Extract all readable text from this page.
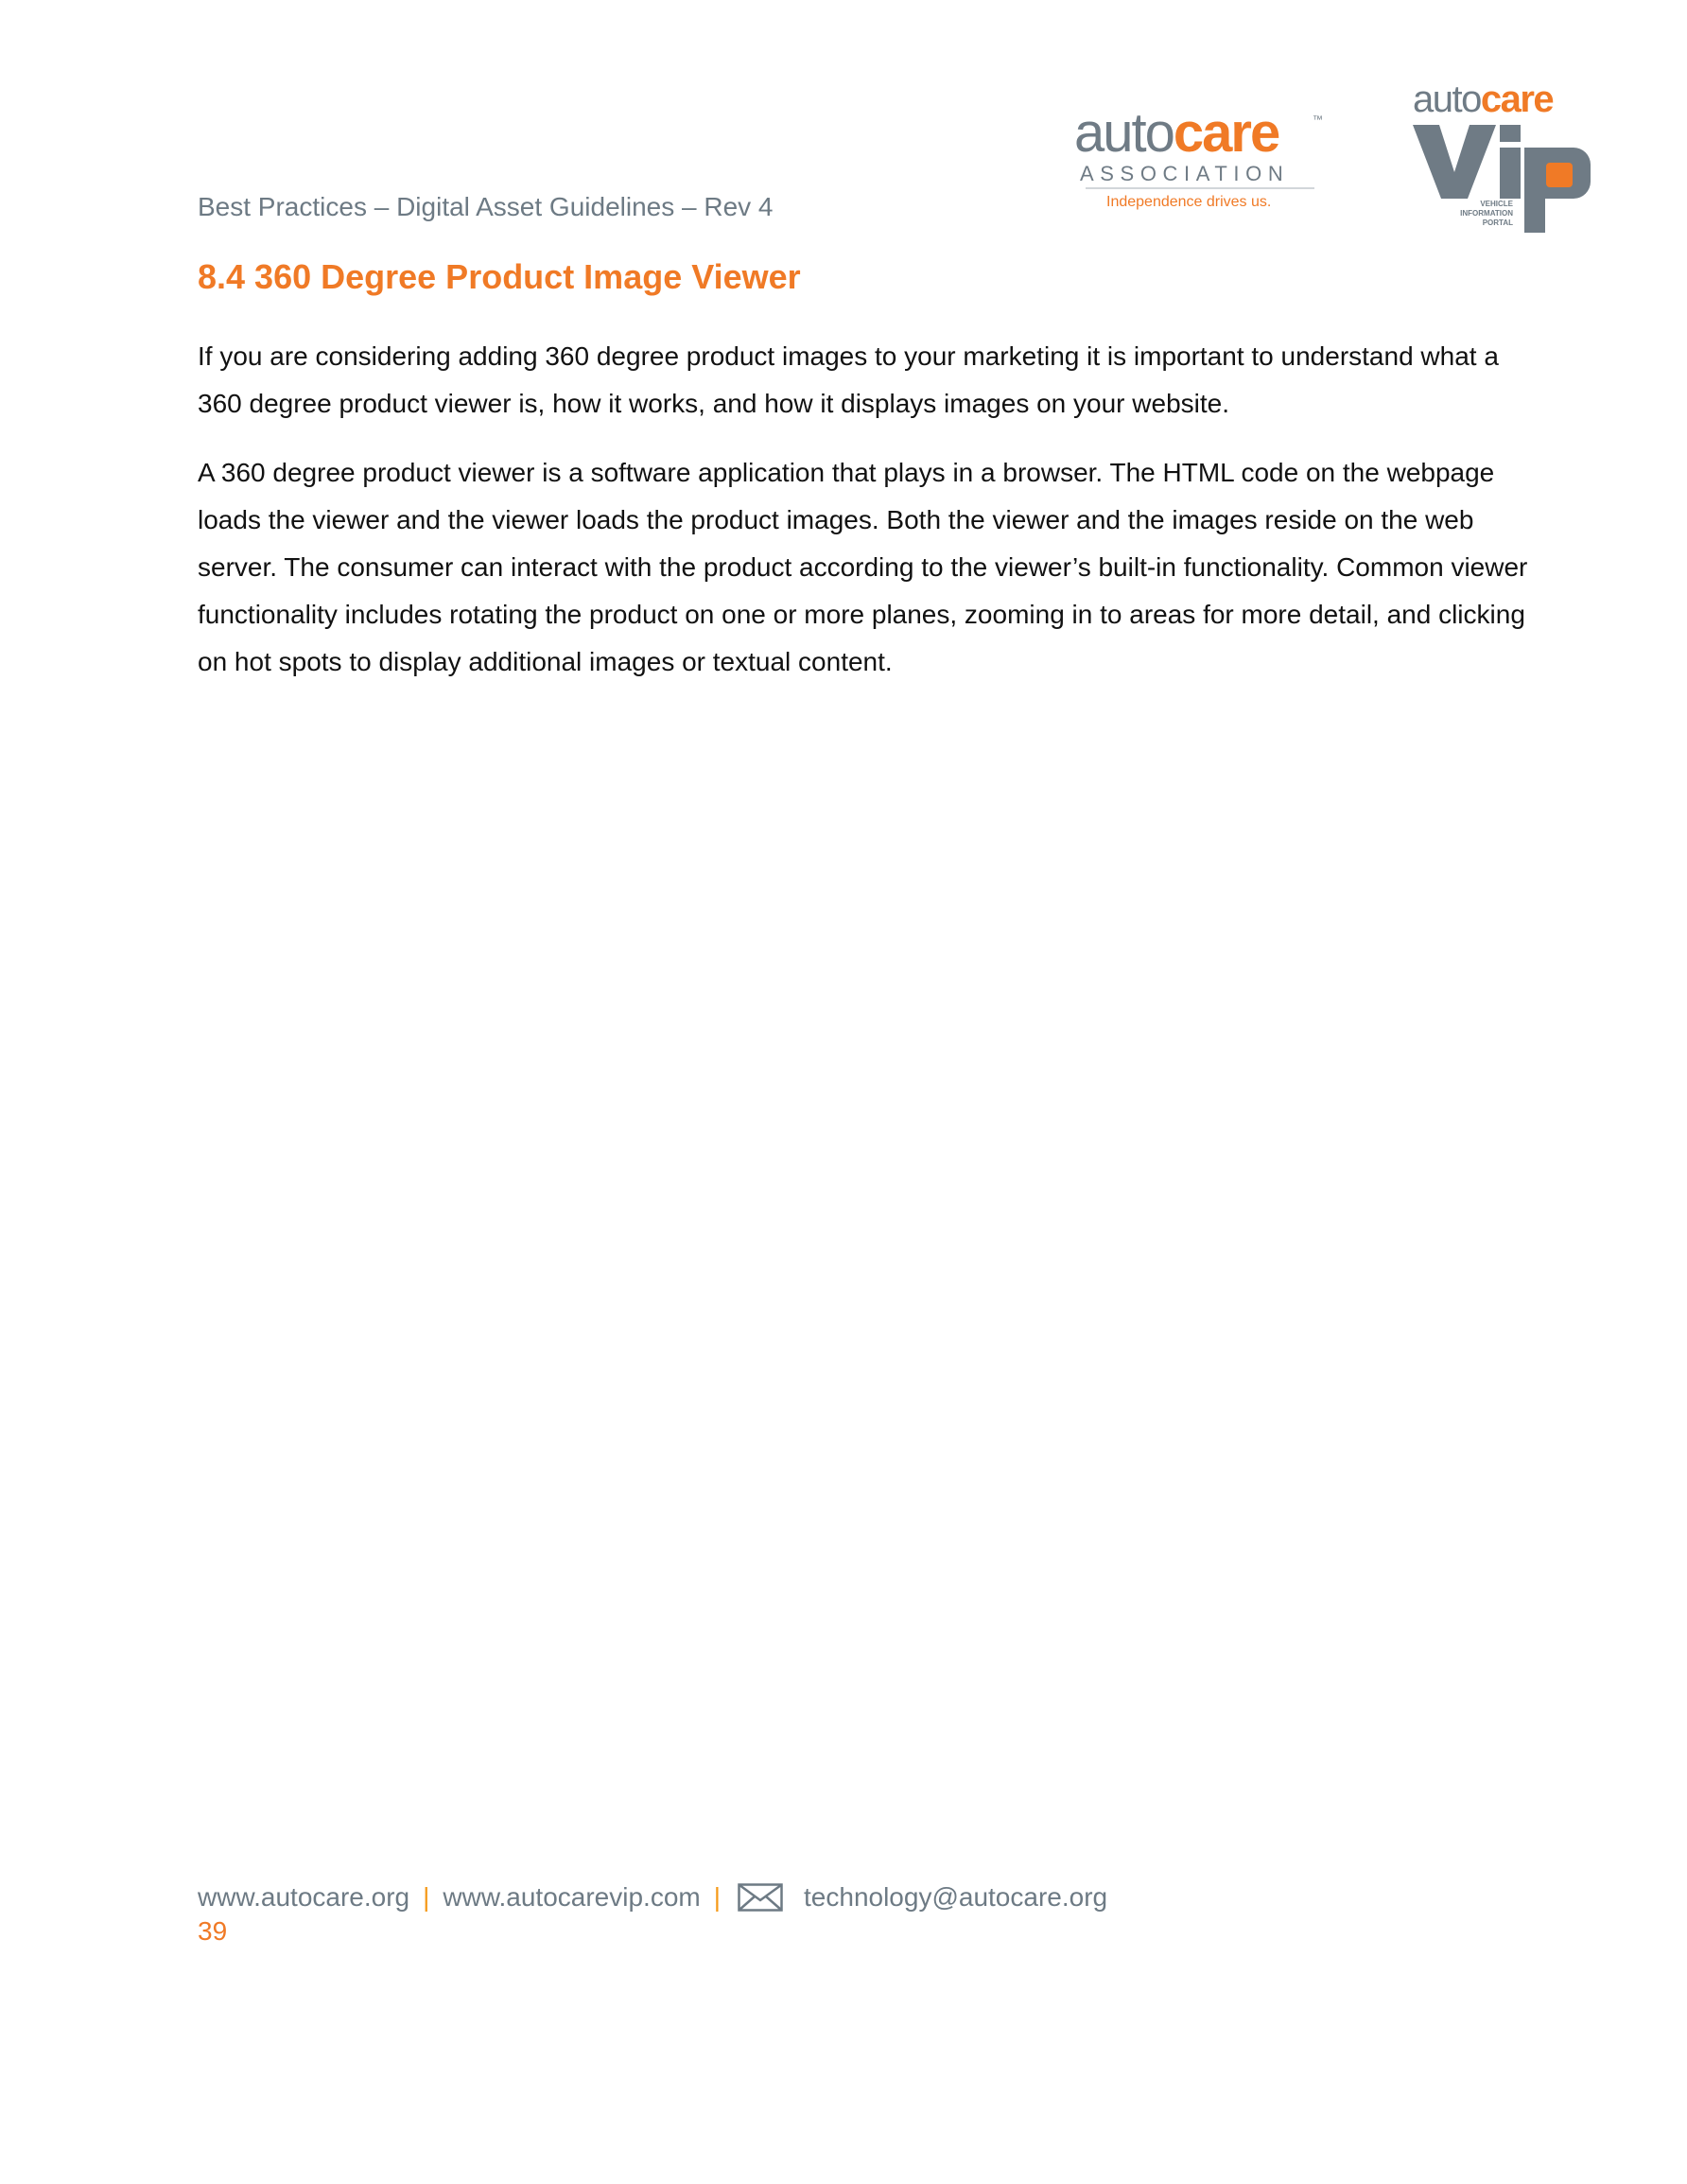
Best Practices – Digital Asset Guidelines – Rev 4
autocare	™
ASSOCIATION
Independence drives us.
autocare
VEHICLE
INFORMATION
PORTAL
8.4 360 Degree Product Image Viewer

If you are considering adding 360 degree product images to your marketing it is important to understand what a 360 degree product viewer is, how it works, and how it displays images on your website.

A 360 degree product viewer is a software application that plays in a browser. The HTML code on the webpage loads the viewer and the viewer loads the product images. Both the viewer and the images reside on the web server. The consumer can interact with the product according to the viewer’s built-in functionality. Common viewer functionality includes rotating the product on one or more planes, zooming in to areas for more detail, and clicking on hot spots to display additional images or textual content.

www.autocare.org | www.autocarevip.com |	technology@autocare.org
39
